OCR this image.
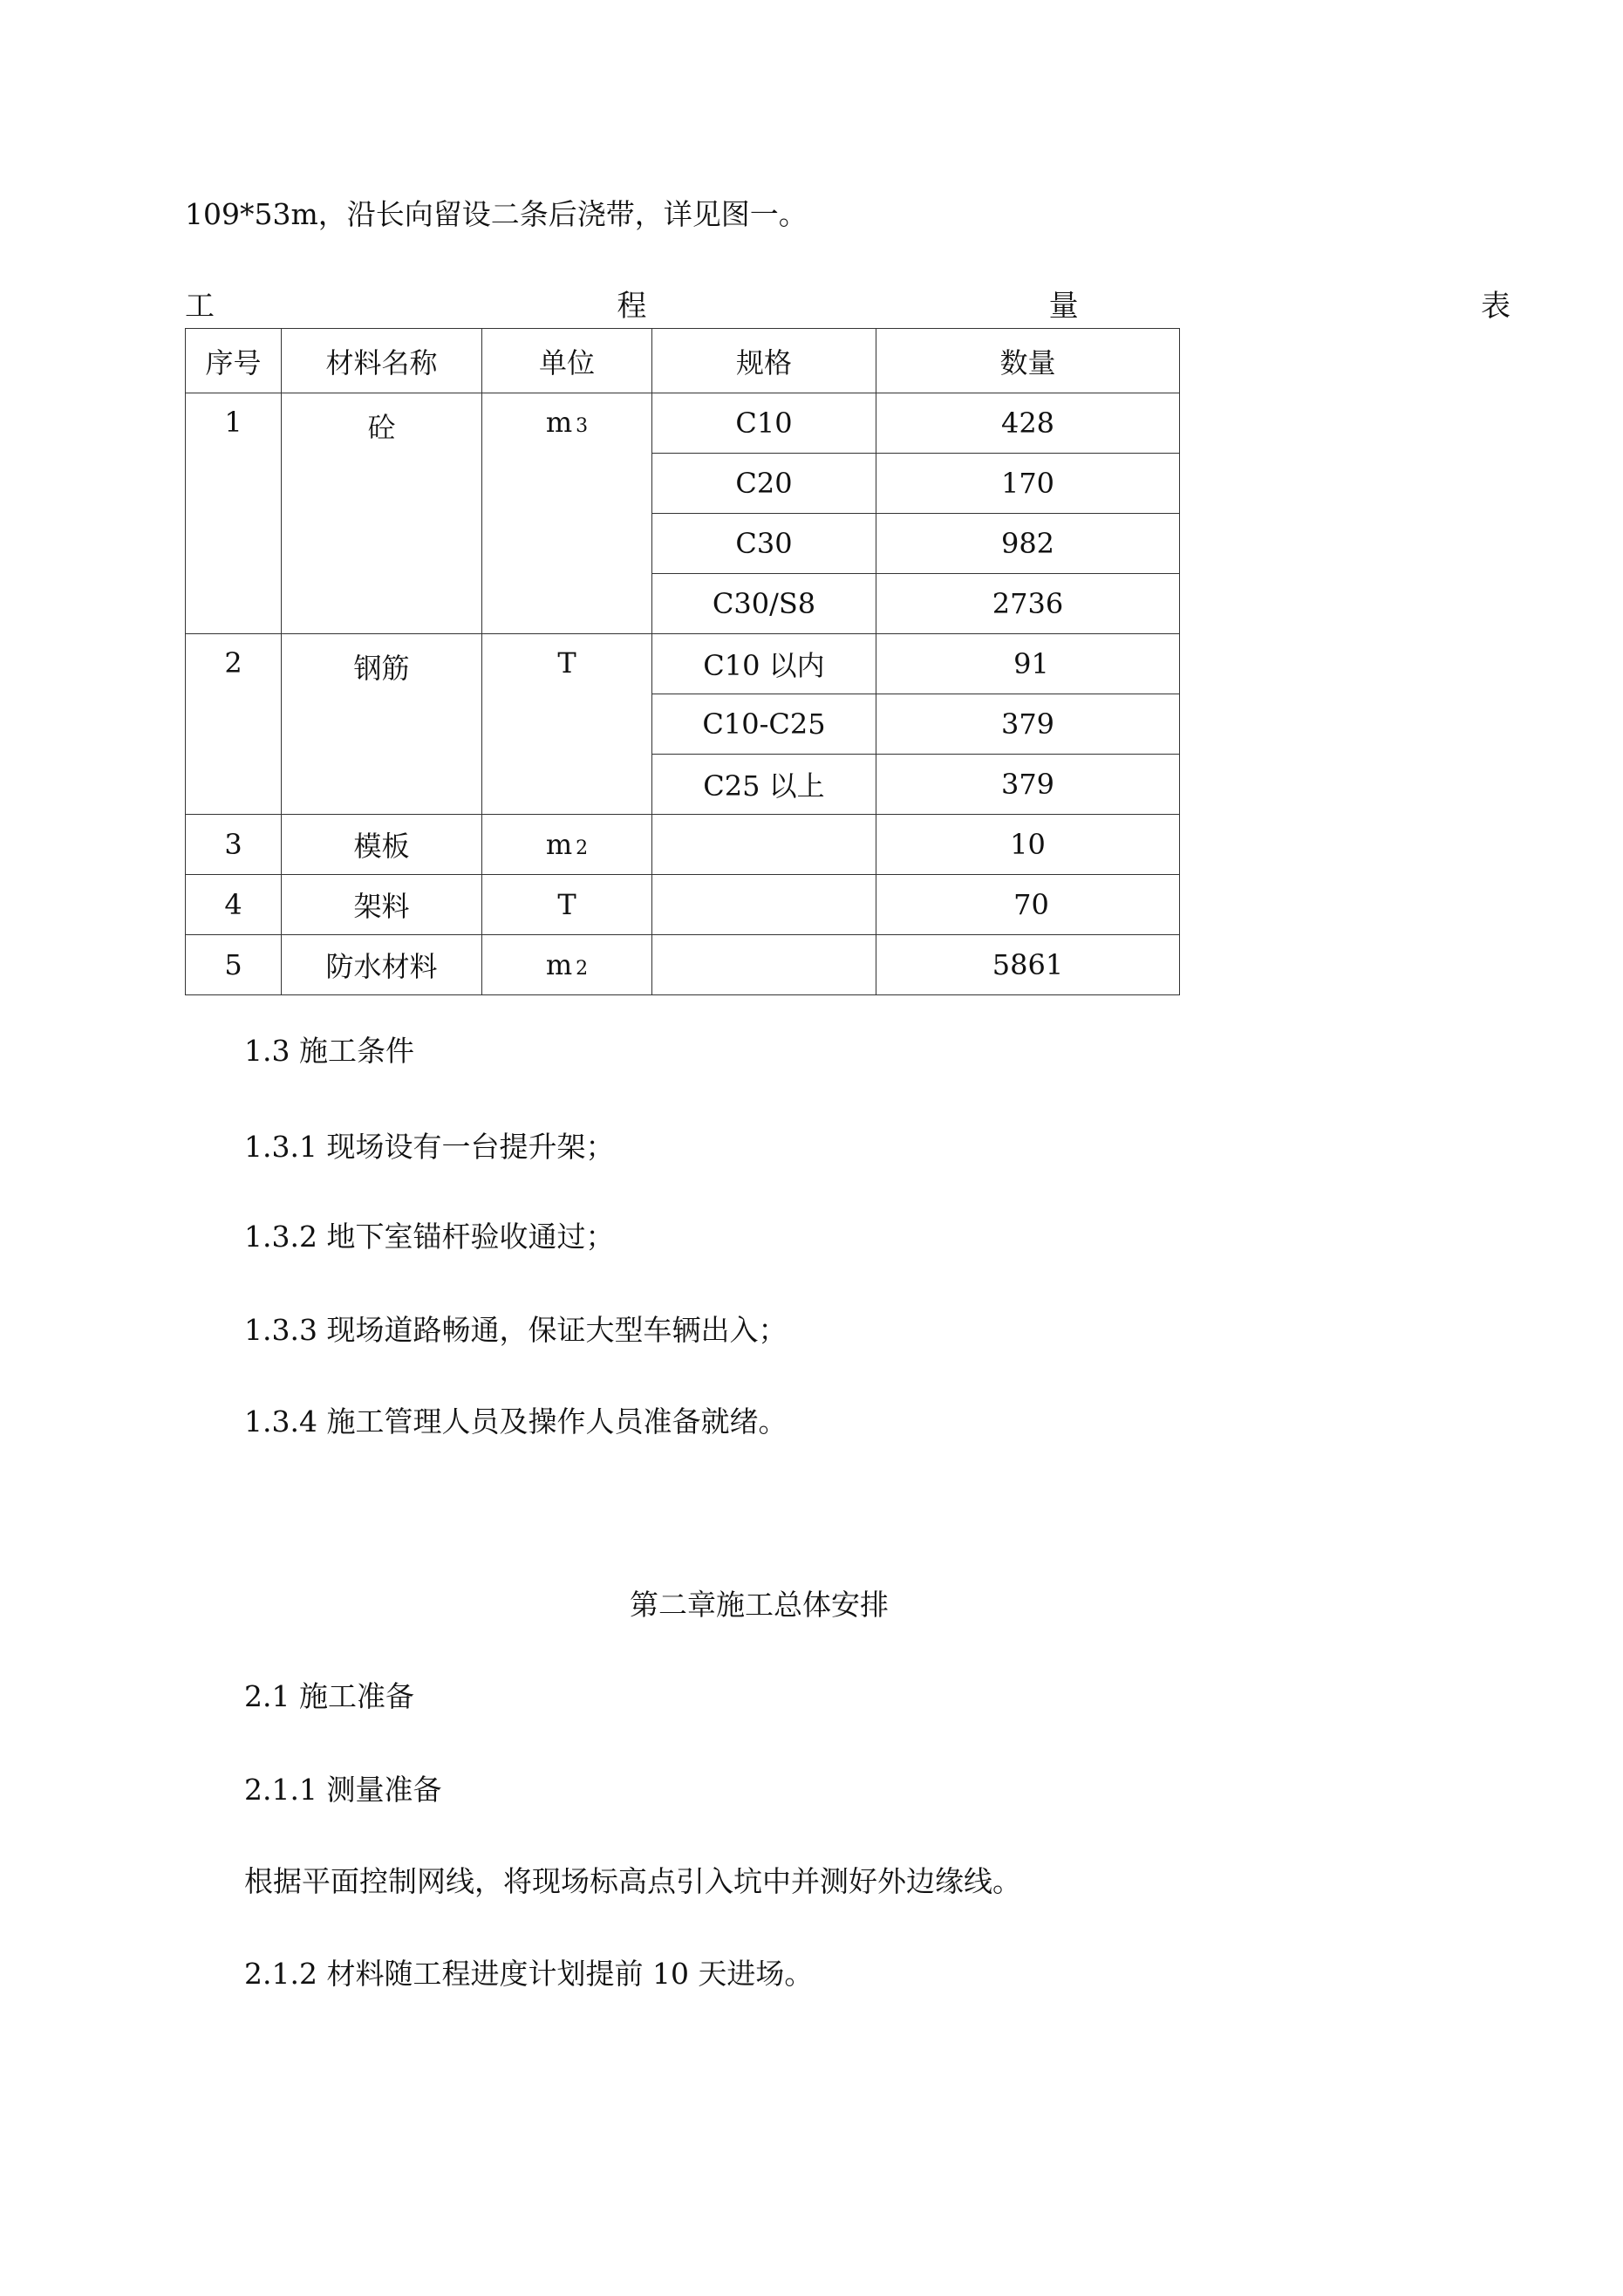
109*53m，沿长向留设二条后浇带，详见图一。
工	程	量	表
序号	材料名称	单位	规格	数量
1	砼	m 3	C10	428
			C20	170
			C30	982
			C30/S8	2736
2	钢筋	T	C10 以内	91
			C10-C25	379
			C25 以上	379
3	模板	m 2		10
4	架料	T		70
5	防水材料	m 2		5861
1.3 施工条件
1.3.1 现场设有一台提升架；
1.3.2 地下室锚杆验收通过；
1.3.3 现场道路畅通，保证大型车辆出入；
1.3.4 施工管理人员及操作人员准备就绪。
第二章施工总体安排
2.1 施工准备
2.1.1 测量准备
根据平面控制网线，将现场标高点引入坑中并测好外边缘线。
2.1.2 材料随工程进度计划提前 10 天进场。
